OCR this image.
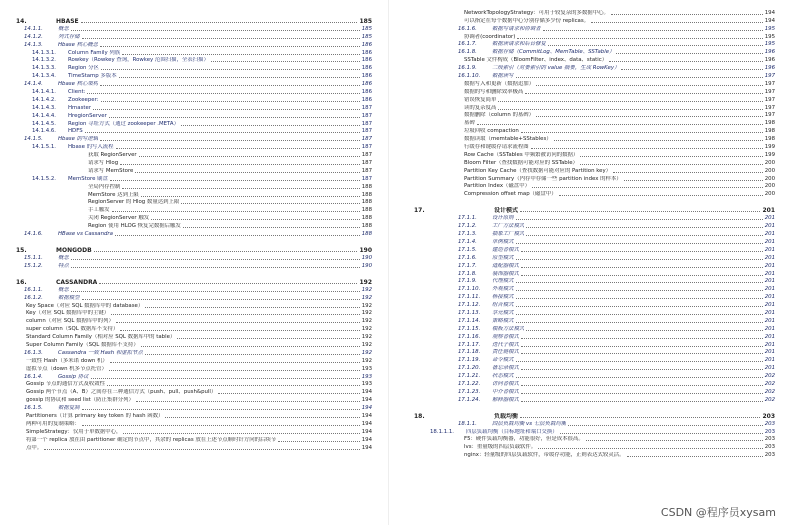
14.	HBASE	185
14.1.1.	概念	185
14.1.2.	列式存储	185
14.1.3.	Hbase 核心概念	186
14.1.3.1.	Column Family 列族	186
14.1.3.2.	Rowkey（Rowkey 查询，Rowkey 范围扫描，全表扫描）	186
14.1.3.3.	Region 分区	186
14.1.3.4.	TimeStamp 多版本	186
14.1.4.	Hbase 核心架构	186
14.1.4.1.	Client:	186
14.1.4.2.	Zookeeper:	186
14.1.4.3.	Hmaster	187
14.1.4.4.	HregionServer	187
14.1.4.5.	Region 寻址方式（通过 zookeeper .META）	187
14.1.4.6.	HDFS	187
14.1.5.	Hbase 的写逻辑	187
14.1.5.1.	Hbase 的写入流程	187
获取 RegionServer	187
请求写 Hlog	187
请求写 MemStore	187
14.1.5.2.	MemStore 刷盘	187
全局内存控制	188
MemStore 达到上限	188
RegionServer 的 Hlog 数量达到上限	188
手工触发	188
关闭 RegionServer 触发	188
Region 使用 HLOG 恢复完数据后触发	188
14.1.6.	HBase vs Cassandra	188
15.	MONGODB	190
15.1.1.	概念	190
15.1.2.	特点	190
16.	CASSANDRA	192
16.1.1.	概念	192
16.1.2.	数据模型	192
Key Space（对应 SQL 数据库中的 database）	192
Key（对应 SQL 数据库中的主键）	192
column（对应 SQL 数据库中的列）	192
super column（SQL 数据库不支持）	192
Standard Column Family（相对应 SQL 数据库中的 table）	192
Super Column Family（SQL 数据库不支持）	192
16.1.3.	Cassandra 一致 Hash 和虚拟节点	192
一致性 Hash（多米诺 down 机）	192
虚拟节点（down 机多节点托管）	193
16.1.4.	Gossip 协议	193
Gossip 节点的通信方式及收敛性	193
Gossip 两个节点（A、B）之间存在三种通信方式（push、pull、push&pull）	194
gossip 的协议和 seed list（防止集群分列）	194
16.1.5.	数据复制	194
Partitioners（计算 primary key token 的 hash 函数）	194
两种可用的复制策略：	194
SimpleStrategy：仅用于单数据中心，	194
将第一个 replica 放在由 partitioner 确定的节点中，其余的 replicas 放在上述节点顺时针方向的后续节	194
点中。	194
NetworkTopologyStrategy：可用于较复杂的多数据中心。	194
可以指定在每个数据中心分别存储多少份 replicas。	194
16.1.6.	数据写请求和协调者	195
协调者(coordinator)	195
16.1.7.	数据读请求和后台修复	195
16.1.8.	数据存储（CommitLog、MemTable、SSTable）	196
SSTable 文件构成（BloomFilter、index、data、static）	196
16.1.9.	二级索引（对要索引的 value 摘要，生成 RowKey）	196
16.1.10.	数据读写	197
数据写入和更新（数据追加）	197
数据的写和删除效率极高	197
错误恢复简单	197
读的复杂度高	197
数据删除（column 的墓碑）	197
墓碑	198
垃圾回收 compaction	198
数据读取（memtable+SStables）	198
行缓存和键缓存请求流程图	199
Row Cache（SSTables 中频繁被访问的数据）	199
Bloom Filter（查找数据可能对应的 SSTable）	200
Partition Key Cache（查找数据可能对应的 Partition key）	200
Partition Summary（内存中存储一些 partition index 的样本）	200
Partition Index（磁盘中）	200
Compression offset map（磁盘中）	200
17.	设计模式	201
17.1.1.	设计原则	201
17.1.2.	工厂方法模式	201
17.1.3.	抽象工厂模式	201
17.1.4.	单例模式	201
17.1.5.	建造者模式	201
17.1.6.	原型模式	201
17.1.7.	适配器模式	201
17.1.8.	装饰器模式	201
17.1.9.	代理模式	201
17.1.10.	外观模式	201
17.1.11.	桥接模式	201
17.1.12.	组合模式	201
17.1.13.	享元模式	201
17.1.14.	策略模式	201
17.1.15.	模板方法模式	201
17.1.16.	观察者模式	201
17.1.17.	迭代子模式	201
17.1.18.	责任链模式	201
17.1.19.	命令模式	201
17.1.20.	备忘录模式	201
17.1.21.	状态模式	202
17.1.22.	访问者模式	202
17.1.23.	中介者模式	202
17.1.24.	解释器模式	202
18.	负载均衡	203
18.1.1.	四层负载均衡 vs 七层负载均衡	203
18.1.1.1.	四层负载均衡（目标地址和端口交换）	203
F5：硬件负载均衡器，功能很好，但是成本很高。	203
lvs：重量级的四层负载软件。	203
nginx：轻量级的四层负载软件，带缓存功能，正则表达式较灵活。	203
CSDN @程序员xysam
